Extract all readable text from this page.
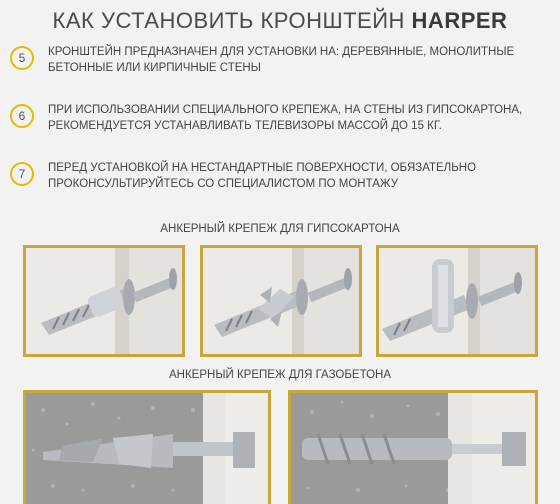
КАК УСТАНОВИТЬ КРОНШТЕЙН HARPER
5	КРОНШТЕЙН ПРЕДНАЗНАЧЕН ДЛЯ УСТАНОВКИ НА: ДЕРЕВЯННЫЕ, МОНОЛИТНЫЕ БЕТОННЫЕ ИЛИ КИРПИЧНЫЕ СТЕНЫ
6	ПРИ ИСПОЛЬЗОВАНИИ СПЕЦИАЛЬНОГО КРЕПЕЖА, НА СТЕНЫ ИЗ ГИПСОКАРТОНА, РЕКОМЕНДУЕТСЯ УСТАНАВЛИВАТЬ ТЕЛЕВИЗОРЫ МАССОЙ ДО 15 КГ.
7	ПЕРЕД УСТАНОВКОЙ НА НЕСТАНДАРТНЫЕ ПОВЕРХНОСТИ, ОБЯЗАТЕЛЬНО ПРОКОНСУЛЬТИРУЙТЕСЬ СО СПЕЦИАЛИСТОМ ПО МОНТАЖУ
АНКЕРНЫЙ КРЕПЕЖ ДЛЯ ГИПСОКАРТОНА
АНКЕРНЫЙ КРЕПЕЖ ДЛЯ ГАЗОБЕТОНА
